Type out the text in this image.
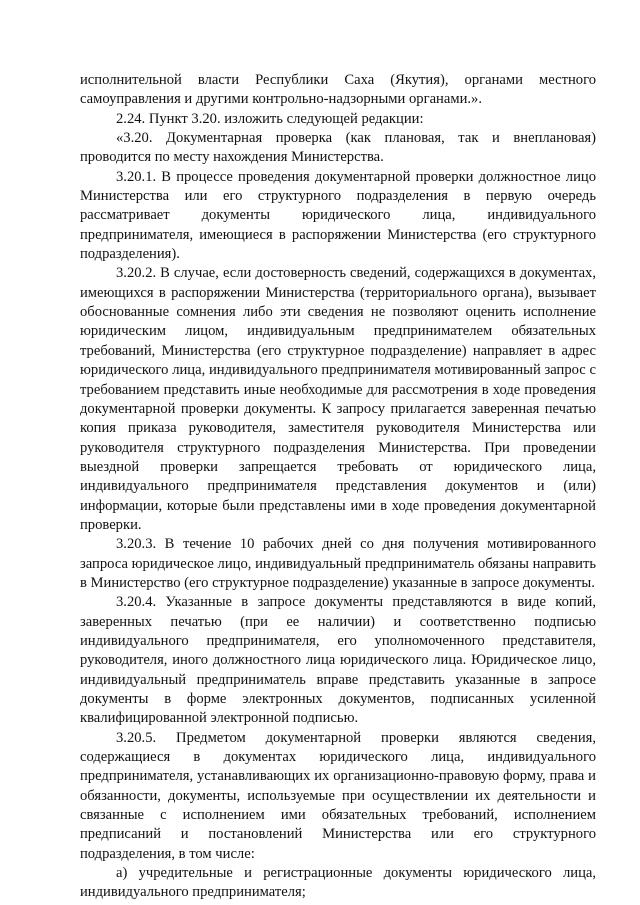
исполнительной власти Республики Саха (Якутия), органами местного самоуправления и другими контрольно-надзорными органами.».

2.24. Пункт 3.20. изложить следующей редакции:

«3.20. Документарная проверка (как плановая, так и внеплановая) проводится по месту нахождения Министерства.

3.20.1. В процессе проведения документарной проверки должностное лицо Министерства или его структурного подразделения в первую очередь рассматривает документы юридического лица, индивидуального предпринимателя, имеющиеся в распоряжении Министерства (его структурного подразделения).

3.20.2. В случае, если достоверность сведений, содержащихся в документах, имеющихся в распоряжении Министерства (территориального органа), вызывает обоснованные сомнения либо эти сведения не позволяют оценить исполнение юридическим лицом, индивидуальным предпринимателем обязательных требований, Министерства (его структурное подразделение) направляет в адрес юридического лица, индивидуального предпринимателя мотивированный запрос с требованием представить иные необходимые для рассмотрения в ходе проведения документарной проверки документы. К запросу прилагается заверенная печатью копия приказа руководителя, заместителя руководителя Министерства или руководителя структурного подразделения Министерства. При проведении выездной проверки запрещается требовать от юридического лица, индивидуального предпринимателя представления документов и (или) информации, которые были представлены ими в ходе проведения документарной проверки.

3.20.3. В течение 10 рабочих дней со дня получения мотивированного запроса юридическое лицо, индивидуальный предприниматель обязаны направить в Министерство (его структурное подразделение) указанные в запросе документы.

3.20.4. Указанные в запросе документы представляются в виде копий, заверенных печатью (при ее наличии) и соответственно подписью индивидуального предпринимателя, его уполномоченного представителя, руководителя, иного должностного лица юридического лица. Юридическое лицо, индивидуальный предприниматель вправе представить указанные в запросе документы в форме электронных документов, подписанных усиленной квалифицированной электронной подписью.

3.20.5. Предметом документарной проверки являются сведения, содержащиеся в документах юридического лица, индивидуального предпринимателя, устанавливающих их организационно-правовую форму, права и обязанности, документы, используемые при осуществлении их деятельности и связанные с исполнением ими обязательных требований, исполнением предписаний и постановлений Министерства или его структурного подразделения, в том числе:

а) учредительные и регистрационные документы юридического лица, индивидуального предпринимателя;
